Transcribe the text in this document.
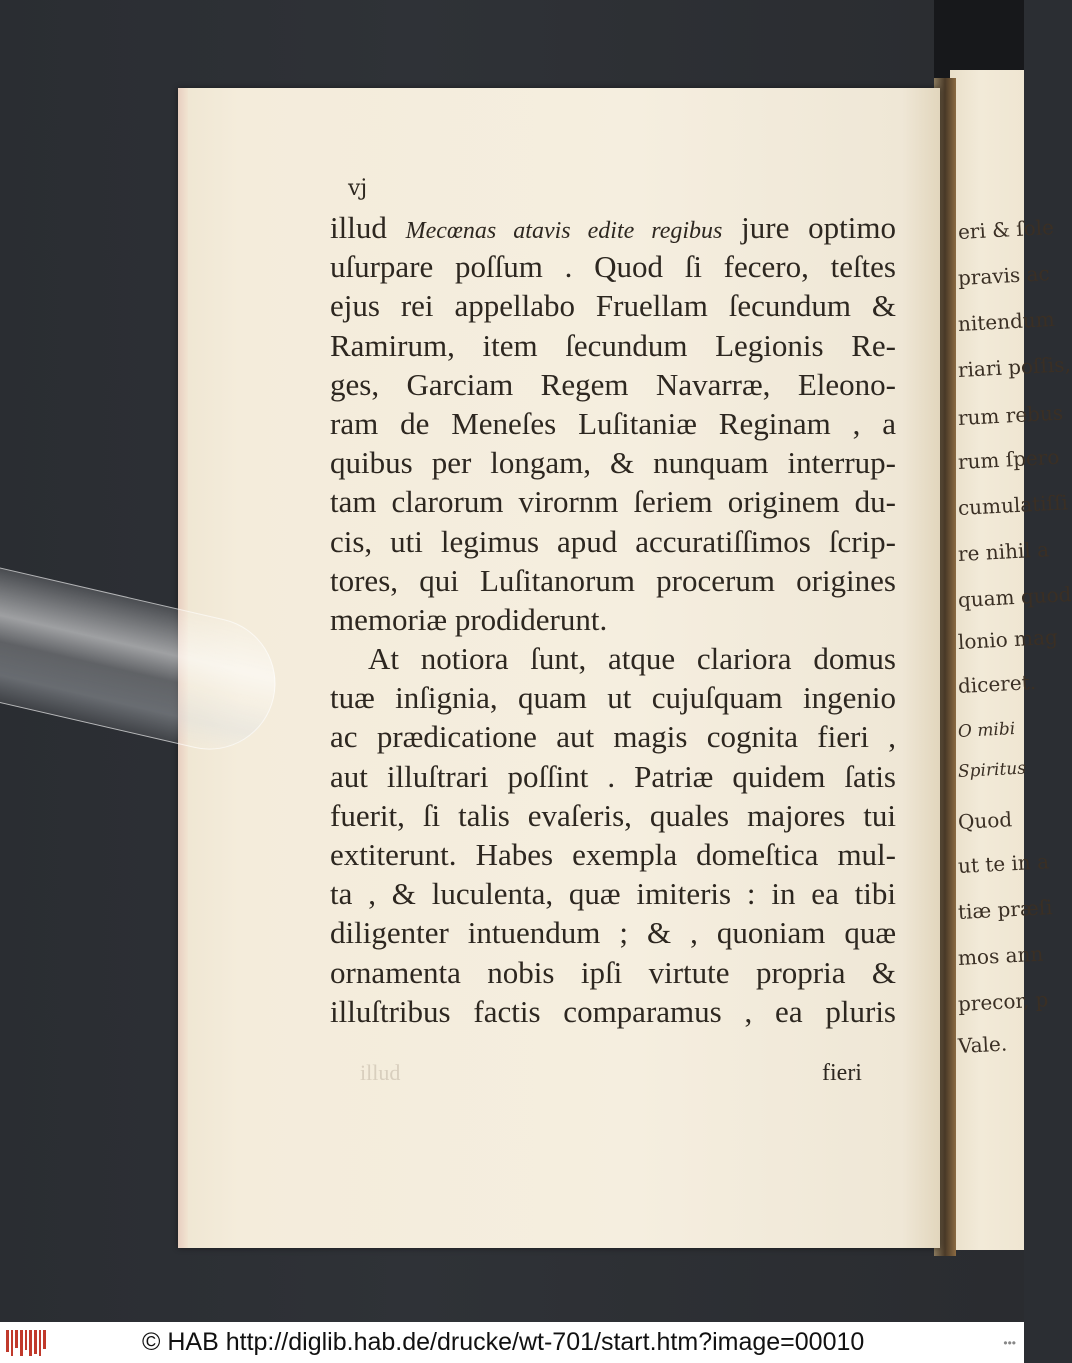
eri & ſole
pravis ac
nitendum
riari poſſis,
rum rebus
rum ſpero
cumulatiſſi
re nihil a
quam quod
lonio mag
diceret.
O mibi
Spiritus
Quod
ut te in a
tiæ præſi
mos ann
precor, p
Vale.
vj
illud Mecœnas atavis edite regibus jure optimo
uſurpare poſſum . Quod ſi fecero, teſtes
ejus rei appellabo Fruellam ſecundum &
Ramirum, item ſecundum Legionis Re-
ges, Garciam Regem Navarræ, Eleono-
ram de Meneſes Luſitaniæ Reginam , a
quibus per longam, & nunquam interrup-
tam clarorum virornm ſeriem originem du-
cis, uti legimus apud accuratiſſimos ſcrip-
tores, qui Luſitanorum procerum origines
memoriæ prodiderunt.
At notiora ſunt, atque clariora domus
tuæ inſignia, quam ut cujuſquam ingenio
ac prædicatione aut magis cognita fieri ,
aut illuſtrari poſſint . Patriæ quidem ſatis
fuerit, ſi talis evaſeris, quales majores tui
extiterunt. Habes exempla domeſtica mul-
ta , & luculenta, quæ imiteris : in ea tibi
diligenter intuendum ; & , quoniam quæ
ornamenta nobis ipſi virtute propria &
illuſtribus factis comparamus , ea pluris
illud	fieri
© HAB http://diglib.hab.de/drucke/wt-701/start.htm?image=00010	•••
